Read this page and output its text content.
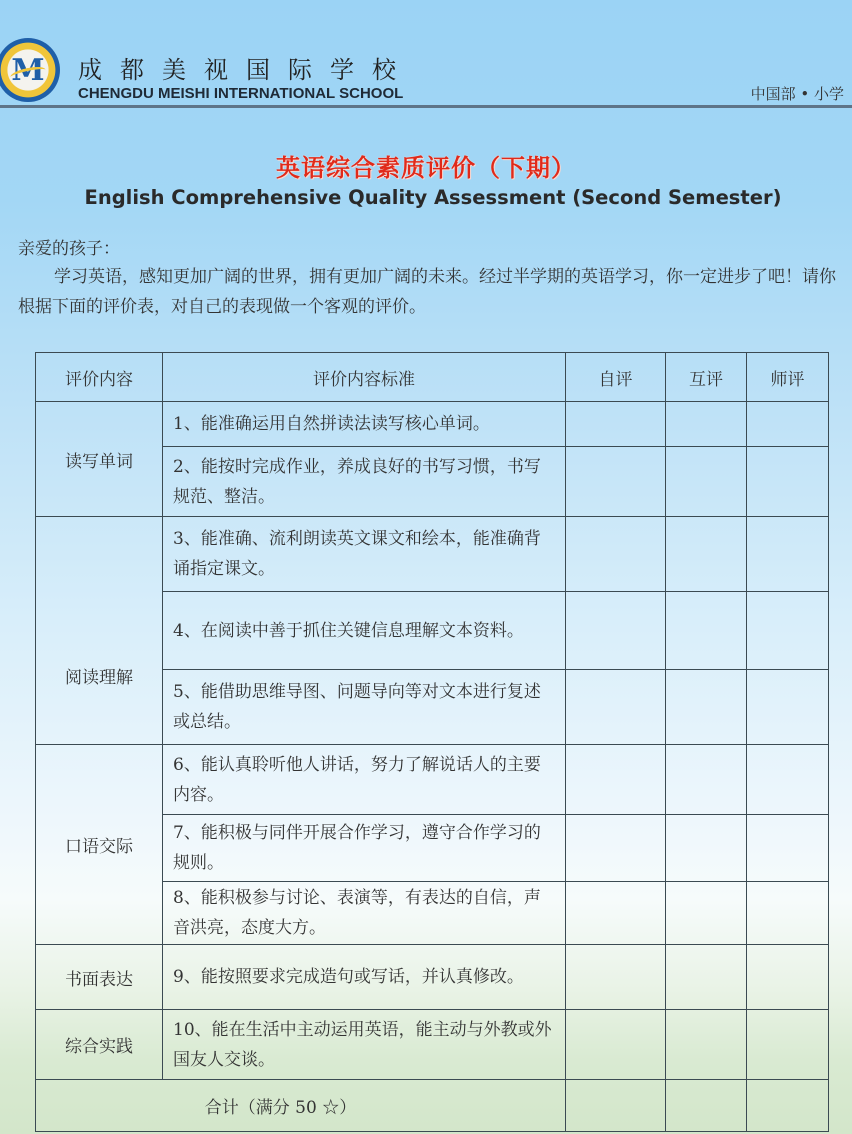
M 成都美视国际学校
CHENGDU MEISHI INTERNATIONAL SCHOOL	中国部 • 小学
英语综合素质评价（下期）
English Comprehensive Quality Assessment (Second Semester)
亲爱的孩子：
学习英语，感知更加广阔的世界，拥有更加广阔的未来。经过半学期的英语学习，你一定进步了吧！请你根据下面的评价表，对自己的表现做一个客观的评价。
评价内容	评价内容标准	自评	互评	师评
读写单词	1、能准确运用自然拼读法读写核心单词。			
	2、能按时完成作业，养成良好的书写习惯，书写规范、整洁。			
阅读理解	3、能准确、流利朗读英文课文和绘本，能准确背诵指定课文。			
	4、在阅读中善于抓住关键信息理解文本资料。			
	5、能借助思维导图、问题导向等对文本进行复述或总结。			
口语交际	6、能认真聆听他人讲话，努力了解说话人的主要内容。			
	7、能积极与同伴开展合作学习，遵守合作学习的规则。			
	8、能积极参与讨论、表演等，有表达的自信，声音洪亮，态度大方。			
书面表达	9、能按照要求完成造句或写话，并认真修改。			
综合实践	10、能在生活中主动运用英语，能主动与外教或外国友人交谈。			
合计（满分 50 ☆）				
